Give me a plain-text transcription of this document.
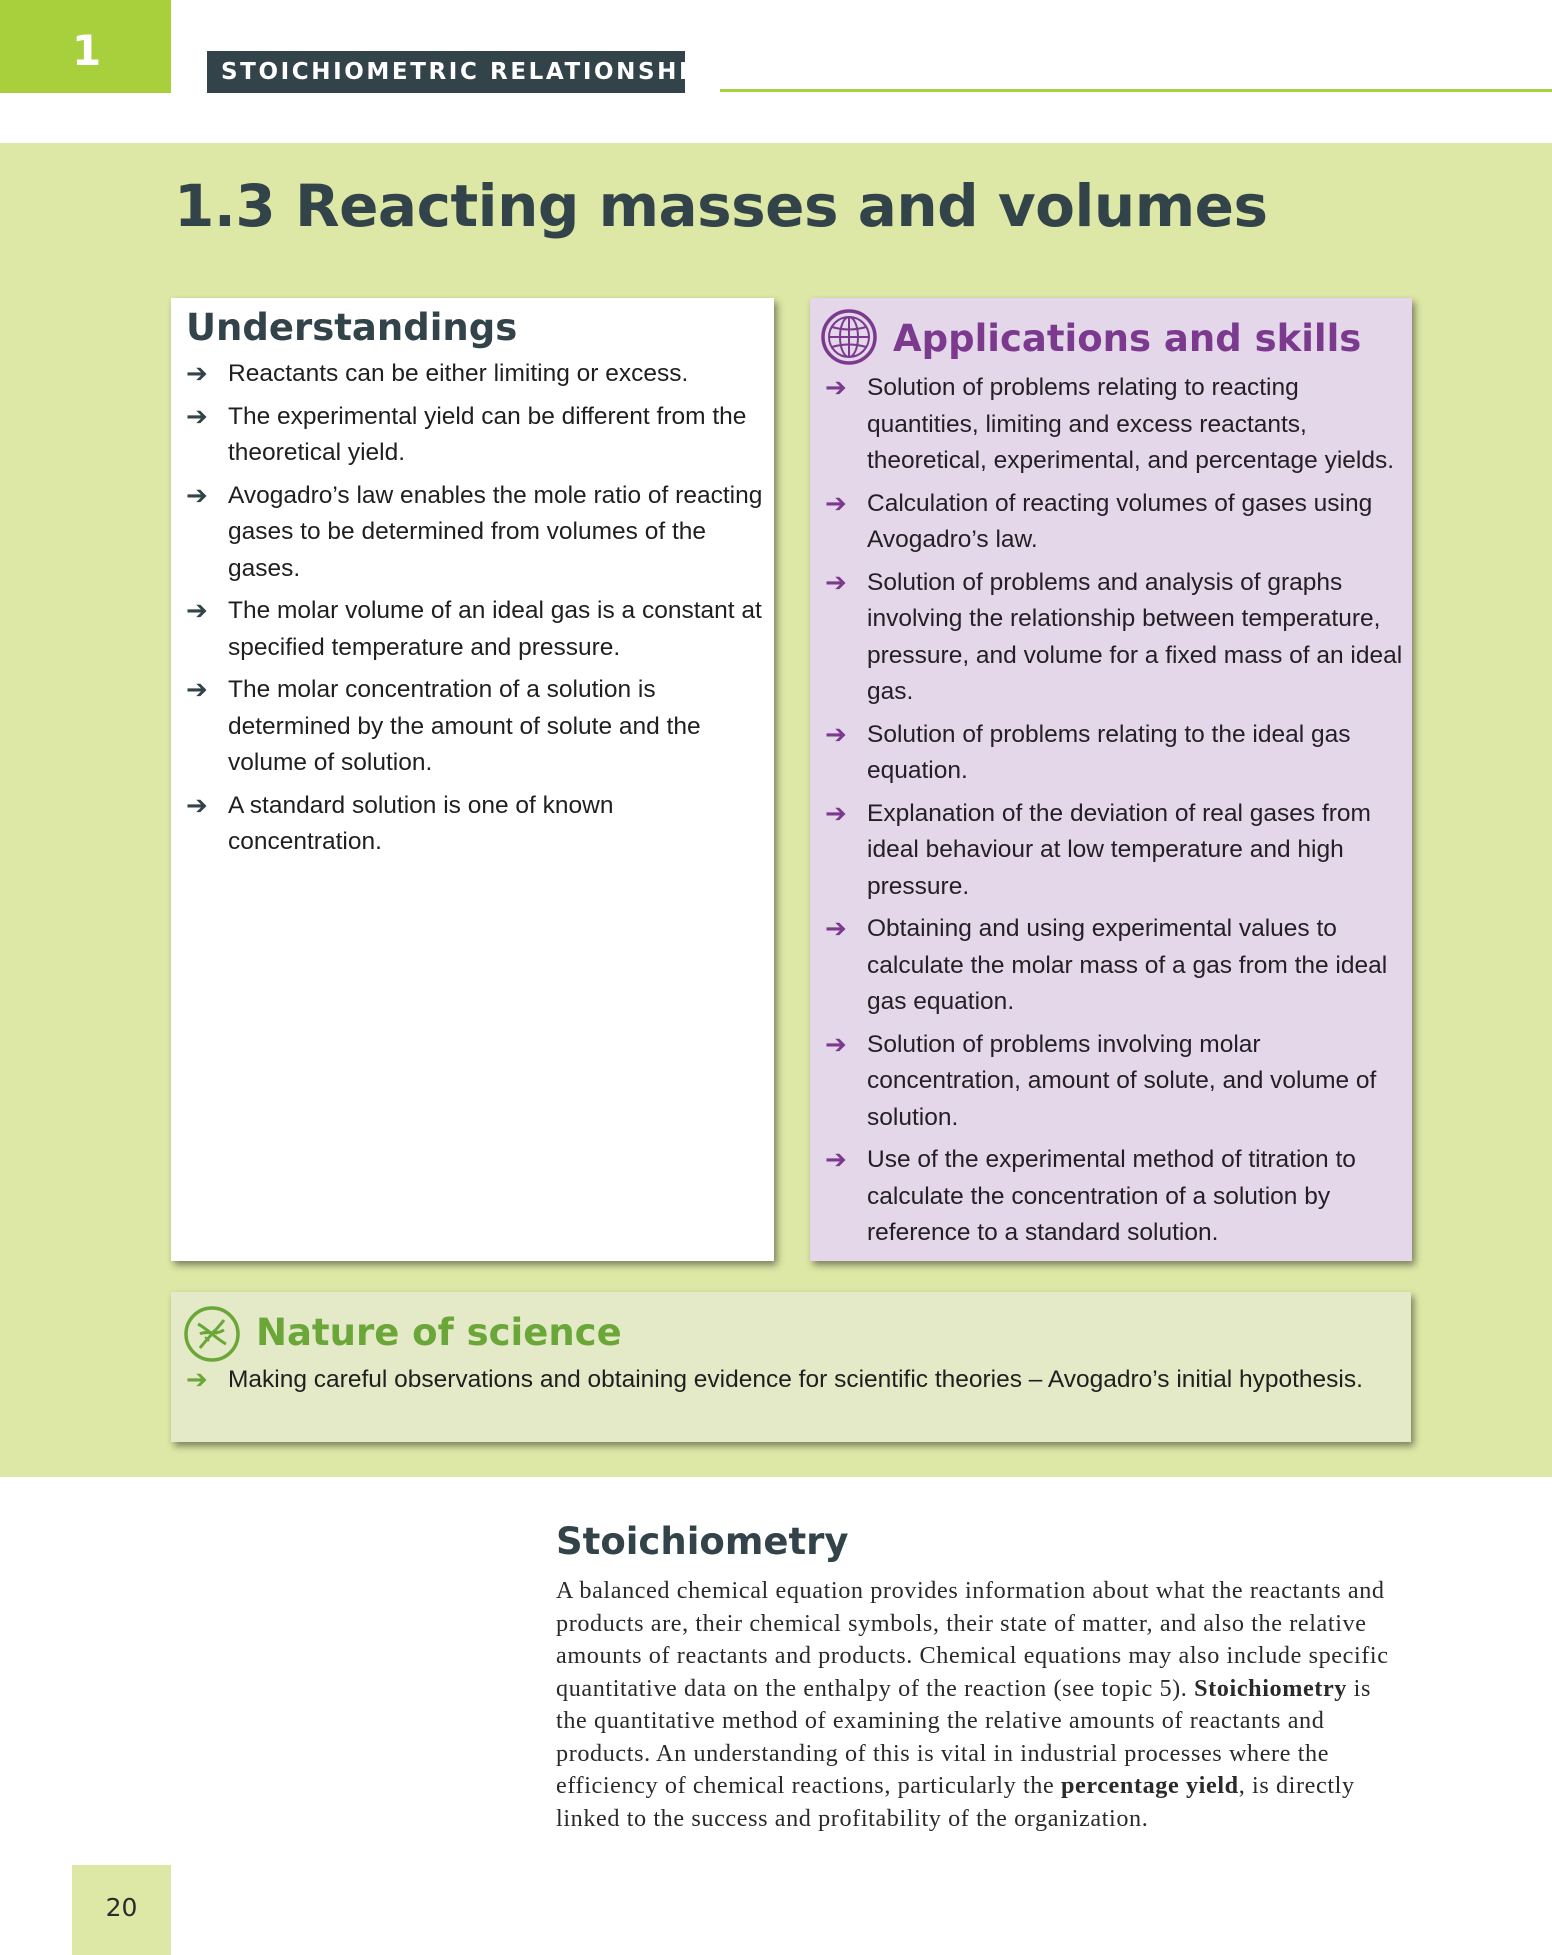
1	STOICHIOMETRIC RELATIONSHIPS
1.3 Reacting masses and volumes
Understandings
➔ Reactants can be either limiting or excess.
➔ The experimental yield can be different from the theoretical yield.
➔ Avogadro’s law enables the mole ratio of reacting gases to be determined from volumes of the gases.
➔ The molar volume of an ideal gas is a constant at specified temperature and pressure.
➔ The molar concentration of a solution is determined by the amount of solute and the volume of solution.
➔ A standard solution is one of known concentration.
Applications and skills
➔ Solution of problems relating to reacting quantities, limiting and excess reactants, theoretical, experimental, and percentage yields.
➔ Calculation of reacting volumes of gases using Avogadro’s law.
➔ Solution of problems and analysis of graphs involving the relationship between temperature, pressure, and volume for a fixed mass of an ideal gas.
➔ Solution of problems relating to the ideal gas equation.
➔ Explanation of the deviation of real gases from ideal behaviour at low temperature and high pressure.
➔ Obtaining and using experimental values to calculate the molar mass of a gas from the ideal gas equation.
➔ Solution of problems involving molar concentration, amount of solute, and volume of solution.
➔ Use of the experimental method of titration to calculate the concentration of a solution by reference to a standard solution.
Nature of science
➔ Making careful observations and obtaining evidence for scientific theories – Avogadro’s initial hypothesis.
Stoichiometry

A balanced chemical equation provides information about what the reactants and products are, their chemical symbols, their state of matter, and also the relative amounts of reactants and products. Chemical equations may also include specific quantitative data on the enthalpy of the reaction (see topic 5). Stoichiometry is the quantitative method of examining the relative amounts of reactants and products. An understanding of this is vital in industrial processes where the efficiency of chemical reactions, particularly the percentage yield, is directly linked to the success and profitability of the organization.

20
